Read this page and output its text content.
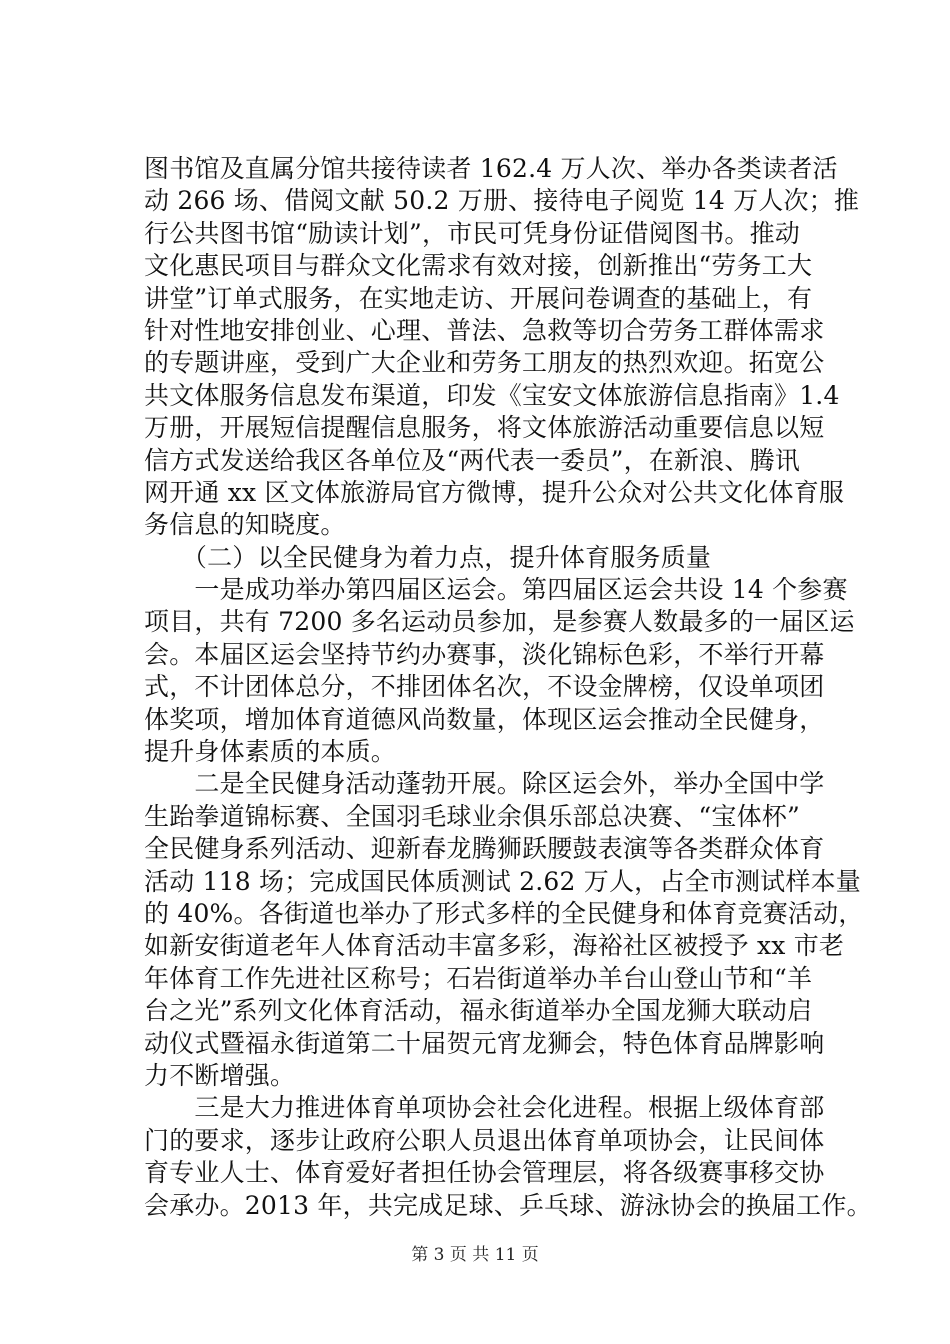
图书馆及直属分馆共接待读者 162.4 万人次、举办各类读者活
动 266 场、借阅文献 50.2 万册、接待电子阅览 14 万人次；推
行公共图书馆“励读计划”，市民可凭身份证借阅图书。推动
文化惠民项目与群众文化需求有效对接，创新推出“劳务工大
讲堂”订单式服务，在实地走访、开展问卷调查的基础上，有
针对性地安排创业、心理、普法、急救等切合劳务工群体需求
的专题讲座，受到广大企业和劳务工朋友的热烈欢迎。拓宽公
共文体服务信息发布渠道，印发《宝安文体旅游信息指南》1.4
万册，开展短信提醒信息服务，将文体旅游活动重要信息以短
信方式发送给我区各单位及“两代表一委员”，在新浪、腾讯
网开通 xx 区文体旅游局官方微博，提升公众对公共文化体育服
务信息的知晓度。
　　（二）以全民健身为着力点，提升体育服务质量
　　一是成功举办第四届区运会。第四届区运会共设 14 个参赛
项目，共有 7200 多名运动员参加，是参赛人数最多的一届区运
会。本届区运会坚持节约办赛事，淡化锦标色彩，不举行开幕
式，不计团体总分，不排团体名次，不设金牌榜，仅设单项团
体奖项，增加体育道德风尚数量，体现区运会推动全民健身，
提升身体素质的本质。
　　二是全民健身活动蓬勃开展。除区运会外，举办全国中学
生跆拳道锦标赛、全国羽毛球业余俱乐部总决赛、“宝体杯”
全民健身系列活动、迎新春龙腾狮跃腰鼓表演等各类群众体育
活动 118 场；完成国民体质测试 2.62 万人，占全市测试样本量
的 40%。各街道也举办了形式多样的全民健身和体育竞赛活动，
如新安街道老年人体育活动丰富多彩，海裕社区被授予 xx 市老
年体育工作先进社区称号；石岩街道举办羊台山登山节和“羊
台之光”系列文化体育活动，福永街道举办全国龙狮大联动启
动仪式暨福永街道第二十届贺元宵龙狮会，特色体育品牌影响
力不断增强。
　　三是大力推进体育单项协会社会化进程。根据上级体育部
门的要求，逐步让政府公职人员退出体育单项协会，让民间体
育专业人士、体育爱好者担任协会管理层，将各级赛事移交协
会承办。2013 年，共完成足球、乒乓球、游泳协会的换届工作。
第 3 页 共 11 页
